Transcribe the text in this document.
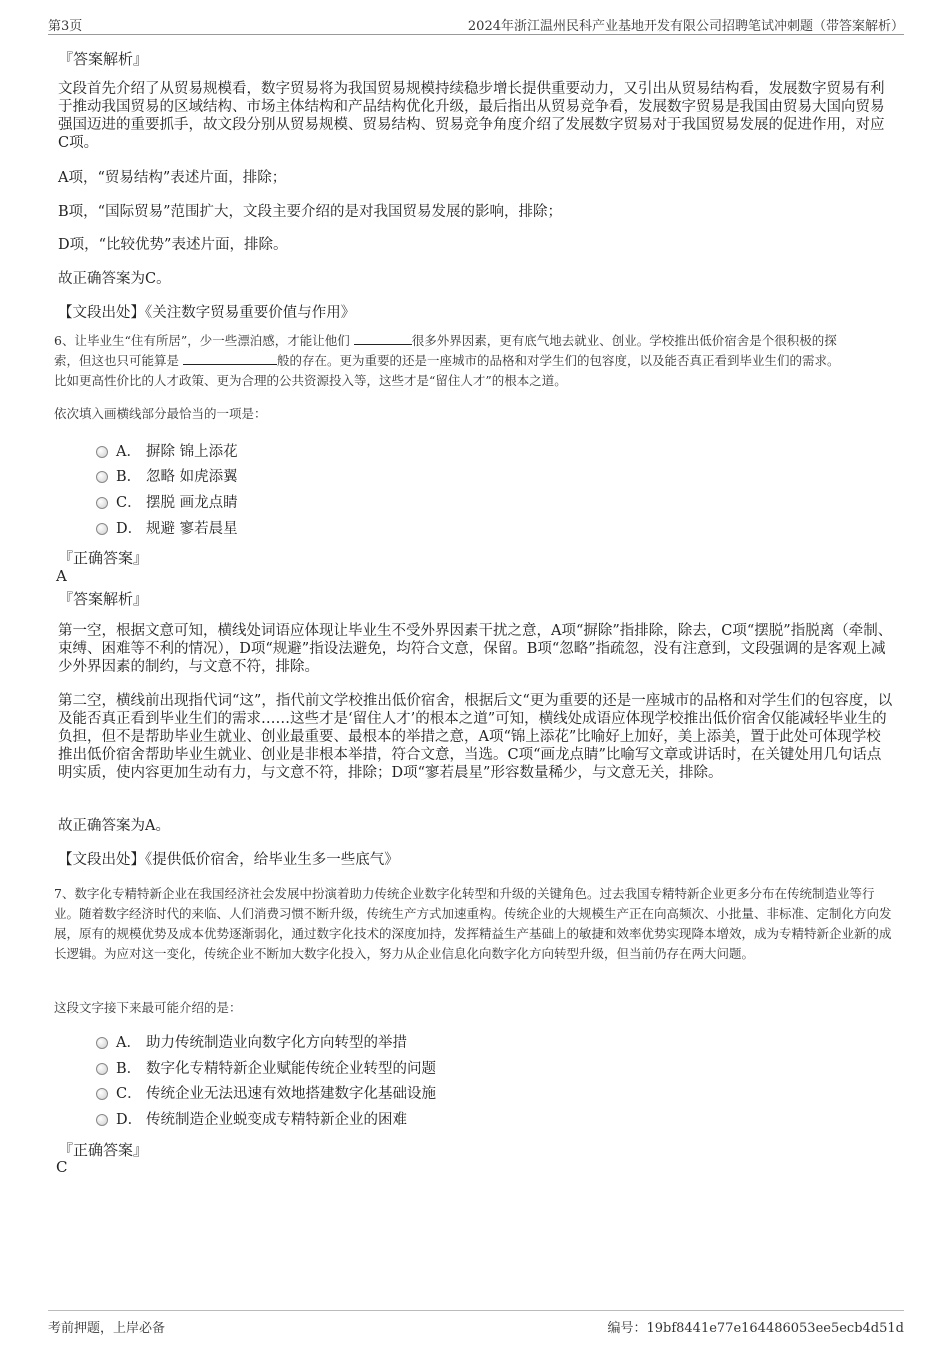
第3页	2024年浙江温州民科产业基地开发有限公司招聘笔试冲刺题（带答案解析）
『答案解析』
文段首先介绍了从贸易规模看，数字贸易将为我国贸易规模持续稳步增长提供重要动力，又引出从贸易结构看，发展数字贸易有利于推动我国贸易的区域结构、市场主体结构和产品结构优化升级，最后指出从贸易竞争看，发展数字贸易是我国由贸易大国向贸易强国迈进的重要抓手，故文段分别从贸易规模、贸易结构、贸易竞争角度介绍了发展数字贸易对于我国贸易发展的促进作用，对应C项。
A项，“贸易结构”表述片面，排除；
B项，“国际贸易”范围扩大，文段主要介绍的是对我国贸易发展的影响，排除；
D项，“比较优势”表述片面，排除。
故正确答案为C。
【文段出处】《关注数字贸易重要价值与作用》
6、让毕业生“住有所居”，少一些漂泊感，才能让他们	很多外界因素，更有底气地去就业、创业。学校推出低价宿舍是个很积极的探
索，但这也只可能算是	般的存在。更为重要的还是一座城市的品格和对学生们的包容度，以及能否真正看到毕业生们的需求。
比如更高性价比的人才政策、更为合理的公共资源投入等，这些才是“留住人才”的根本之道。
依次填入画横线部分最恰当的一项是：
A． 摒除 锦上添花
B． 忽略 如虎添翼
C． 摆脱 画龙点睛
D． 规避 寥若晨星
『正确答案』
A
『答案解析』
第一空，根据文意可知，横线处词语应体现让毕业生不受外界因素干扰之意，A项“摒除”指排除，除去，C项“摆脱”指脱离（牵制、束缚、困难等不利的情况），D项“规避”指设法避免，均符合文意，保留。B项“忽略”指疏忽，没有注意到，文段强调的是客观上减少外界因素的制约，与文意不符，排除。
第二空，横线前出现指代词“这”，指代前文学校推出低价宿舍，根据后文“更为重要的还是一座城市的品格和对学生们的包容度，以及能否真正看到毕业生们的需求……这些才是‘留住人才’的根本之道”可知，横线处成语应体现学校推出低价宿舍仅能减轻毕业生的负担，但不是帮助毕业生就业、创业最重要、最根本的举措之意，A项“锦上添花”比喻好上加好，美上添美，置于此处可体现学校推出低价宿舍帮助毕业生就业、创业是非根本举措，符合文意，当选。C项“画龙点睛”比喻写文章或讲话时，在关键处用几句话点明实质，使内容更加生动有力，与文意不符，排除；D项“寥若晨星”形容数量稀少，与文意无关，排除。
故正确答案为A。
【文段出处】《提供低价宿舍，给毕业生多一些底气》
7、数字化专精特新企业在我国经济社会发展中扮演着助力传统企业数字化转型和升级的关键角色。过去我国专精特新企业更多分布在传统制造业等行业。随着数字经济时代的来临、人们消费习惯不断升级，传统生产方式加速重构。传统企业的大规模生产正在向高频次、小批量、非标准、定制化方向发展，原有的规模优势及成本优势逐渐弱化，通过数字化技术的深度加持，发挥精益生产基础上的敏捷和效率优势实现降本增效，成为专精特新企业新的成长逻辑。为应对这一变化，传统企业不断加大数字化投入，努力从企业信息化向数字化方向转型升级，但当前仍存在两大问题。
这段文字接下来最可能介绍的是：
A． 助力传统制造业向数字化方向转型的举措
B． 数字化专精特新企业赋能传统企业转型的问题
C． 传统企业无法迅速有效地搭建数字化基础设施
D． 传统制造企业蜕变成专精特新企业的困难
『正确答案』
C
考前押题，上岸必备	编号：19bf8441e77e164486053ee5ecb4d51d
